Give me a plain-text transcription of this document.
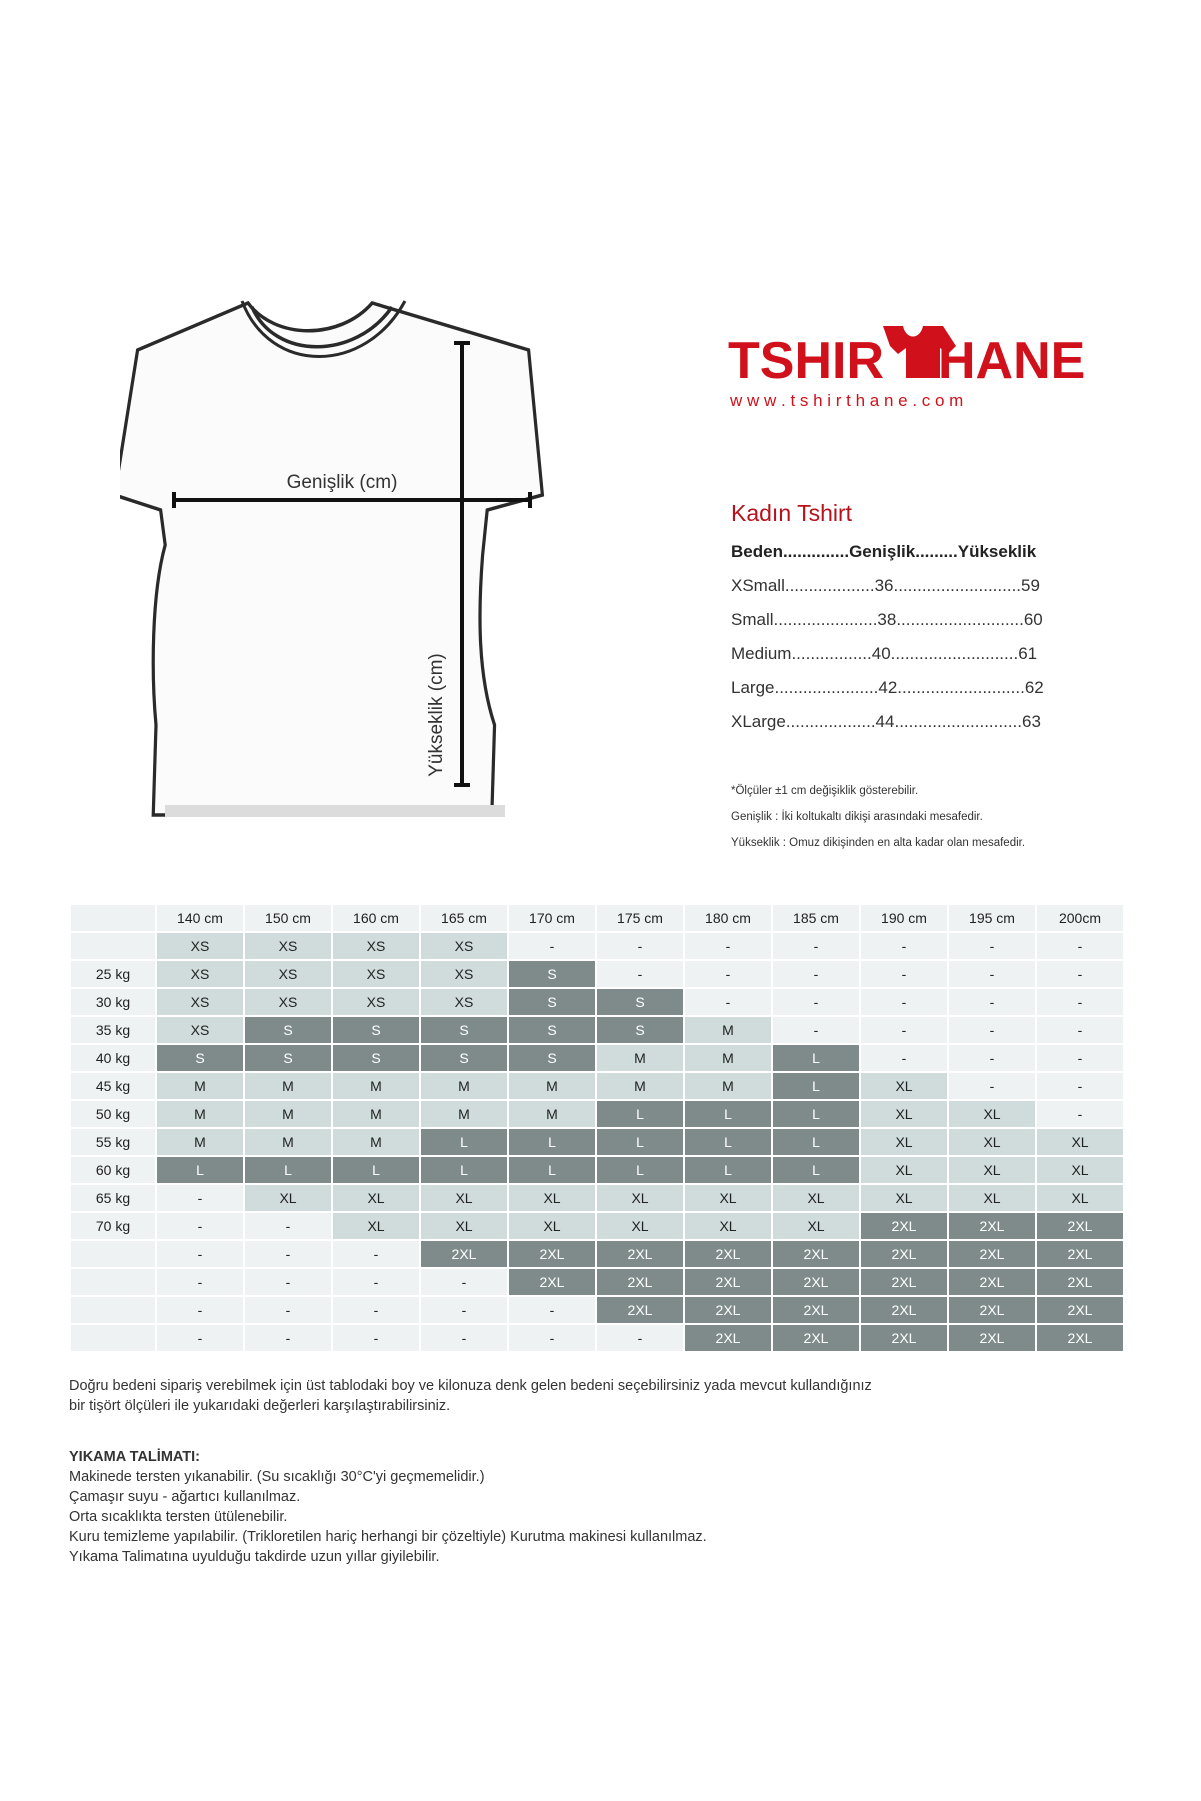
Genişlik (cm)
Yükseklik (cm)
TSHIR HANE
w w w . t s h i r t h a n e . c o m
Kadın Tshirt
Beden..............Genişlik.........Yükseklik
XSmall...................36...........................59
Small......................38...........................60
Medium.................40...........................61
Large......................42...........................62
XLarge...................44...........................63
*Ölçüler ±1 cm değişiklik gösterebilir.
Genişlik : İki koltukaltı dikişi arasındaki mesafedir.
Yükseklik : Omuz dikişinden en alta kadar olan mesafedir.
	140 cm	150 cm	160 cm	165 cm	170 cm	175 cm	180 cm	185 cm	190 cm	195 cm	200cm
	XS	XS	XS	XS	-	-	-	-	-	-	-
25 kg	XS	XS	XS	XS	S	-	-	-	-	-	-
30 kg	XS	XS	XS	XS	S	S	-	-	-	-	-
35 kg	XS	S	S	S	S	S	M	-	-	-	-
40 kg	S	S	S	S	S	M	M	L	-	-	-
45 kg	M	M	M	M	M	M	M	L	XL	-	-
50 kg	M	M	M	M	M	L	L	L	XL	XL	-
55 kg	M	M	M	L	L	L	L	L	XL	XL	XL
60 kg	L	L	L	L	L	L	L	L	XL	XL	XL
65 kg	-	XL	XL	XL	XL	XL	XL	XL	XL	XL	XL
70 kg	-	-	XL	XL	XL	XL	XL	XL	2XL	2XL	2XL
	-	-	-	2XL	2XL	2XL	2XL	2XL	2XL	2XL	2XL
	-	-	-	-	2XL	2XL	2XL	2XL	2XL	2XL	2XL
	-	-	-	-	-	2XL	2XL	2XL	2XL	2XL	2XL
	-	-	-	-	-	-	2XL	2XL	2XL	2XL	2XL
Doğru bedeni sipariş verebilmek için üst tablodaki boy ve kilonuza denk gelen bedeni seçebilirsiniz yada mevcut kullandığınız
bir tişört ölçüleri ile yukarıdaki değerleri karşılaştırabilirsiniz.
YIKAMA TALİMATI:
Makinede tersten yıkanabilir. (Su sıcaklığı 30°C'yi geçmemelidir.)
Çamaşır suyu - ağartıcı kullanılmaz.
Orta sıcaklıkta tersten ütülenebilir.
Kuru temizleme yapılabilir. (Trikloretilen hariç herhangi bir çözeltiyle) Kurutma makinesi kullanılmaz.
Yıkama Talimatına uyulduğu takdirde uzun yıllar giyilebilir.
